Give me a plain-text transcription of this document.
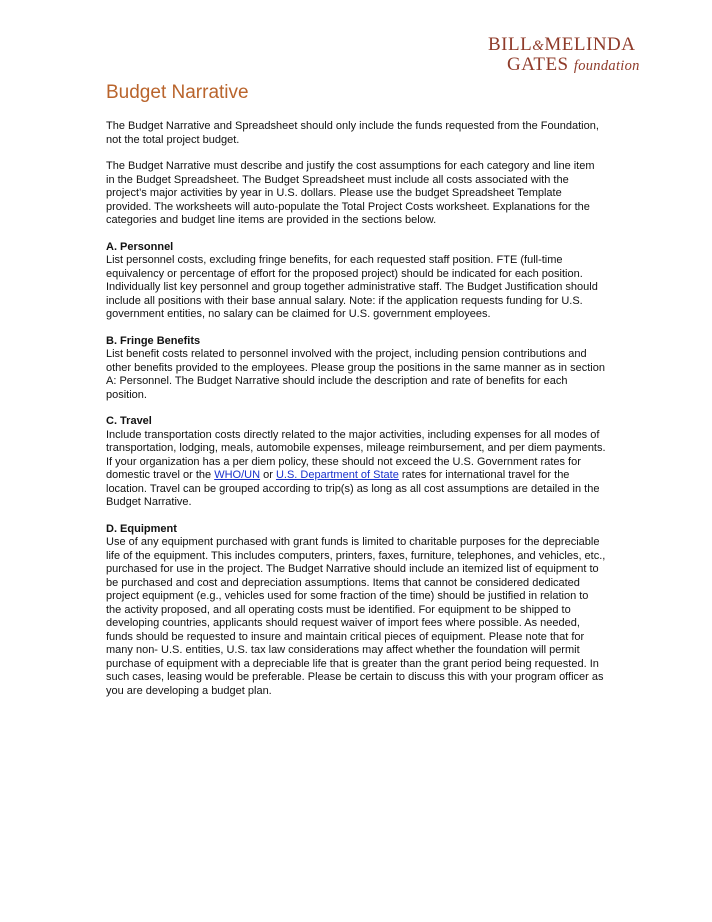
BILL&MELINDA
GATES foundation
Budget Narrative

The Budget Narrative and Spreadsheet should only include the funds requested from the Foundation, not the total project budget.

The Budget Narrative must describe and justify the cost assumptions for each category and line item in the Budget Spreadsheet. The Budget Spreadsheet must include all costs associated with the project’s major activities by year in U.S. dollars. Please use the budget Spreadsheet Template provided. The worksheets will auto-populate the Total Project Costs worksheet. Explanations for the categories and budget line items are provided in the sections below.

A. Personnel
List personnel costs, excluding fringe benefits, for each requested staff position. FTE (full-time equivalency or percentage of effort for the proposed project) should be indicated for each position. Individually list key personnel and group together administrative staff. The Budget Justification should include all positions with their base annual salary. Note: if the application requests funding for U.S. government entities, no salary can be claimed for U.S. government employees.

B. Fringe Benefits
List benefit costs related to personnel involved with the project, including pension contributions and other benefits provided to the employees. Please group the positions in the same manner as in section A: Personnel. The Budget Narrative should include the description and rate of benefits for each position.

C. Travel
Include transportation costs directly related to the major activities, including expenses for all modes of transportation, lodging, meals, automobile expenses, mileage reimbursement, and per diem payments. If your organization has a per diem policy, these should not exceed the U.S. Government rates for domestic travel or the WHO/UN or U.S. Department of State rates for international travel for the location. Travel can be grouped according to trip(s) as long as all cost assumptions are detailed in the Budget Narrative.

D. Equipment
Use of any equipment purchased with grant funds is limited to charitable purposes for the depreciable life of the equipment. This includes computers, printers, faxes, furniture, telephones, and vehicles, etc., purchased for use in the project. The Budget Narrative should include an itemized list of equipment to be purchased and cost and depreciation assumptions. Items that cannot be considered dedicated project equipment (e.g., vehicles used for some fraction of the time) should be justified in relation to the activity proposed, and all operating costs must be identified. For equipment to be shipped to developing countries, applicants should request waiver of import fees where possible. As needed, funds should be requested to insure and maintain critical pieces of equipment. Please note that for many non- U.S. entities, U.S. tax law considerations may affect whether the foundation will permit purchase of equipment with a depreciable life that is greater than the grant period being requested. In such cases, leasing would be preferable. Please be certain to discuss this with your program officer as you are developing a budget plan.
